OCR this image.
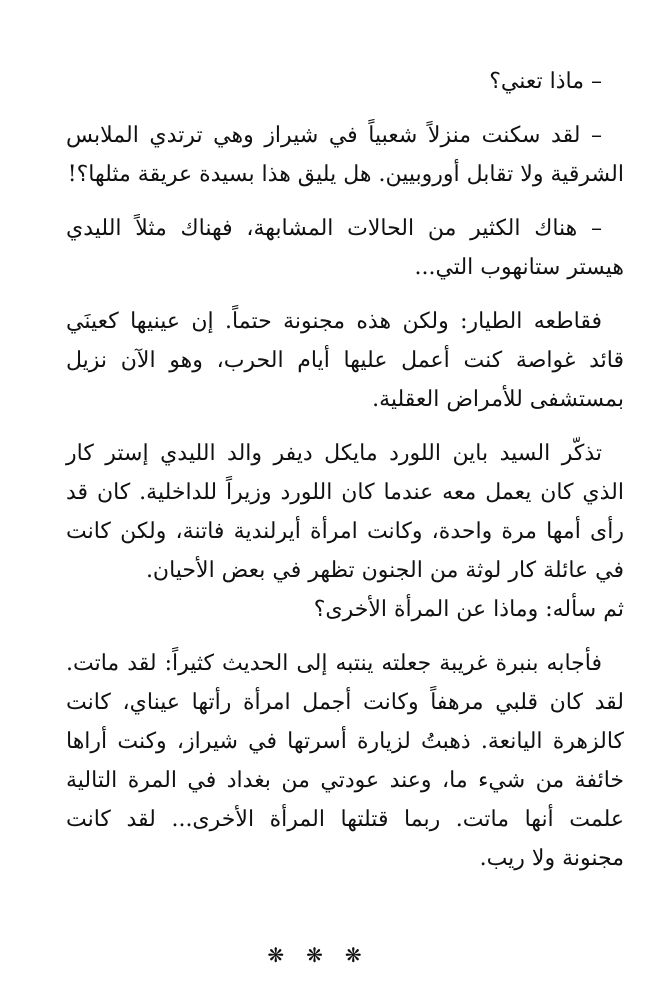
– ماذا تعني؟

– لقد سكنت منزلاً شعبياً في شيراز وهي ترتدي الملابس الشرقية ولا تقابل أوروبيين. هل يليق هذا بسيدة عريقة مثلها؟!

– هناك الكثير من الحالات المشابهة، فهناك مثلاً الليدي هيستر ستانهوب التي...

فقاطعه الطيار: ولكن هذه مجنونة حتماً. إن عينيها كعينَي قائد غواصة كنت أعمل عليها أيام الحرب، وهو الآن نزيل بمستشفى للأمراض العقلية.

تذكّر السيد باين اللورد مايكل ديفر والد الليدي إستر كار الذي كان يعمل معه عندما كان اللورد وزيراً للداخلية. كان قد رأى أمها مرة واحدة، وكانت امرأة أيرلندية فاتنة، ولكن كانت في عائلة كار لوثة من الجنون تظهر في بعض الأحيان.

ثم سأله: وماذا عن المرأة الأخرى؟

فأجابه بنبرة غريبة جعلته ينتبه إلى الحديث كثيراً: لقد ماتت. لقد كان قلبي مرهفاً وكانت أجمل امرأة رأتها عيناي، كانت كالزهرة اليانعة. ذهبتُ لزيارة أسرتها في شيراز، وكنت أراها خائفة من شيء ما، وعند عودتي من بغداد في المرة التالية علمت أنها ماتت. ربما قتلتها المرأة الأخرى... لقد كانت مجنونة ولا ريب.

❋❋❋
